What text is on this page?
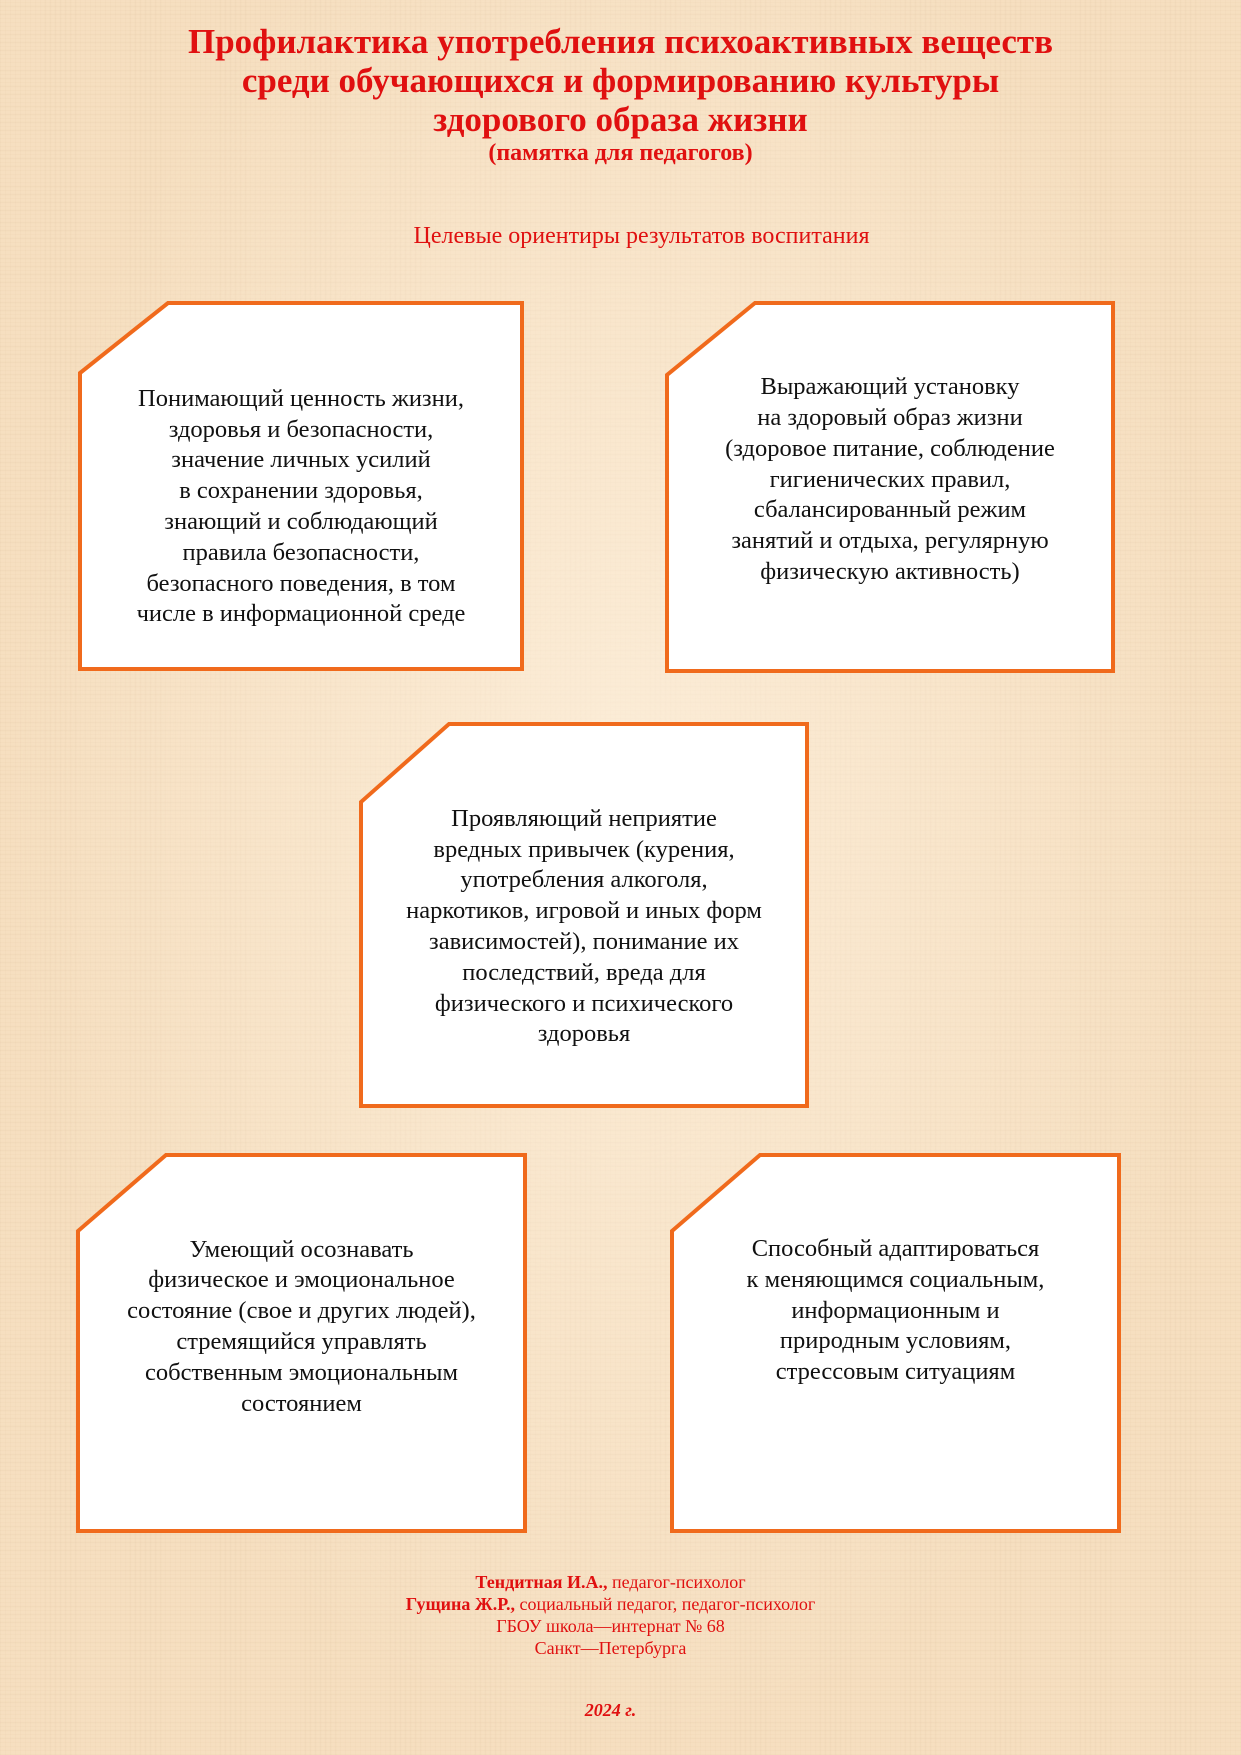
Профилактика употребления психоактивных веществ
среди обучающихся и формированию культуры
здорового образа жизни
(памятка для педагогов)
Целевые ориентиры результатов воспитания
Понимающий ценность жизни,
здоровья и безопасности,
значение личных усилий
в сохранении здоровья,
знающий и соблюдающий
правила безопасности,
безопасного поведения, в том
числе в информационной среде
Выражающий установку
на здоровый образ жизни
(здоровое питание, соблюдение
гигиенических правил,
сбалансированный режим
занятий и отдыха, регулярную
физическую активность)
Проявляющий неприятие
вредных привычек (курения,
употребления алкоголя,
наркотиков, игровой и иных форм
зависимостей), понимание их
последствий, вреда для
физического и психического
здоровья
Умеющий осознавать
физическое и эмоциональное
состояние (свое и других людей),
стремящийся управлять
собственным эмоциональным
состоянием
Способный адаптироваться
к меняющимся социальным,
информационным и
природным условиям,
стрессовым ситуациям
Тендитная И.А., педагог-психолог
Гущина Ж.Р., социальный педагог, педагог-психолог
ГБОУ школа—интернат № 68
Санкт—Петербурга
2024 г.
